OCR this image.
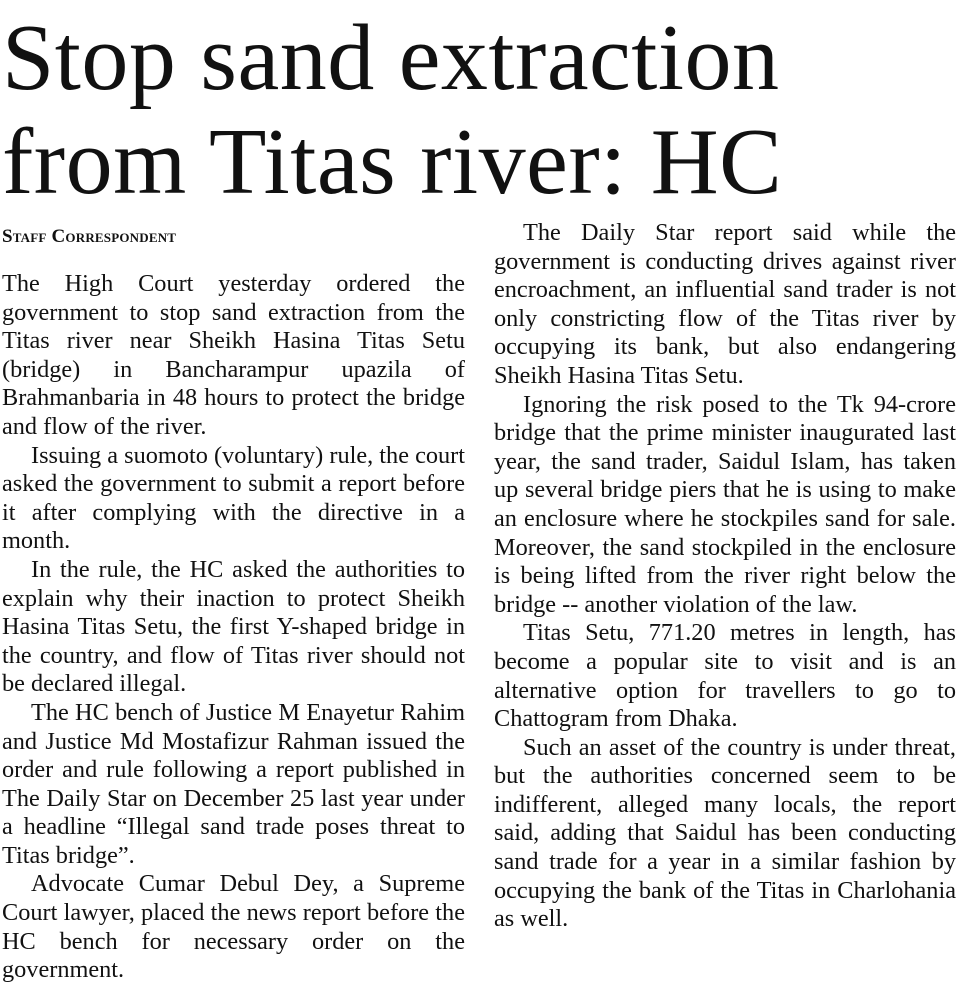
Stop sand extraction from Titas river: HC
Staff Correspondent

The High Court yesterday ordered the government to stop sand extraction from the Titas river near Sheikh Hasina Titas Setu (bridge) in Bancharampur upazila of Brahmanbaria in 48 hours to protect the bridge and flow of the river.

Issuing a suomoto (voluntary) rule, the court asked the government to submit a report before it after complying with the directive in a month.

In the rule, the HC asked the authorities to explain why their inaction to protect Sheikh Hasina Titas Setu, the first Y-shaped bridge in the country, and flow of Titas river should not be declared illegal.

The HC bench of Justice M Enayetur Rahim and Justice Md Mostafizur Rahman issued the order and rule following a report published in The Daily Star on December 25 last year under a headline “Illegal sand trade poses threat to Titas bridge”.

Advocate Cumar Debul Dey, a Supreme Court lawyer, placed the news report before the HC bench for necessary order on the government.

The Daily Star report said while the government is conducting drives against river encroachment, an influential sand trader is not only constricting flow of the Titas river by occupying its bank, but also endangering Sheikh Hasina Titas Setu.

Ignoring the risk posed to the Tk 94-crore bridge that the prime minister inaugurated last year, the sand trader, Saidul Islam, has taken up several bridge piers that he is using to make an enclosure where he stockpiles sand for sale. Moreover, the sand stockpiled in the enclosure is being lifted from the river right below the bridge -- another violation of the law.

Titas Setu, 771.20 metres in length, has become a popular site to visit and is an alternative option for travellers to go to Chattogram from Dhaka.

Such an asset of the country is under threat, but the authorities concerned seem to be indifferent, alleged many locals, the report said, adding that Saidul has been conducting sand trade for a year in a similar fashion by occupying the bank of the Titas in Charlohania as well.
